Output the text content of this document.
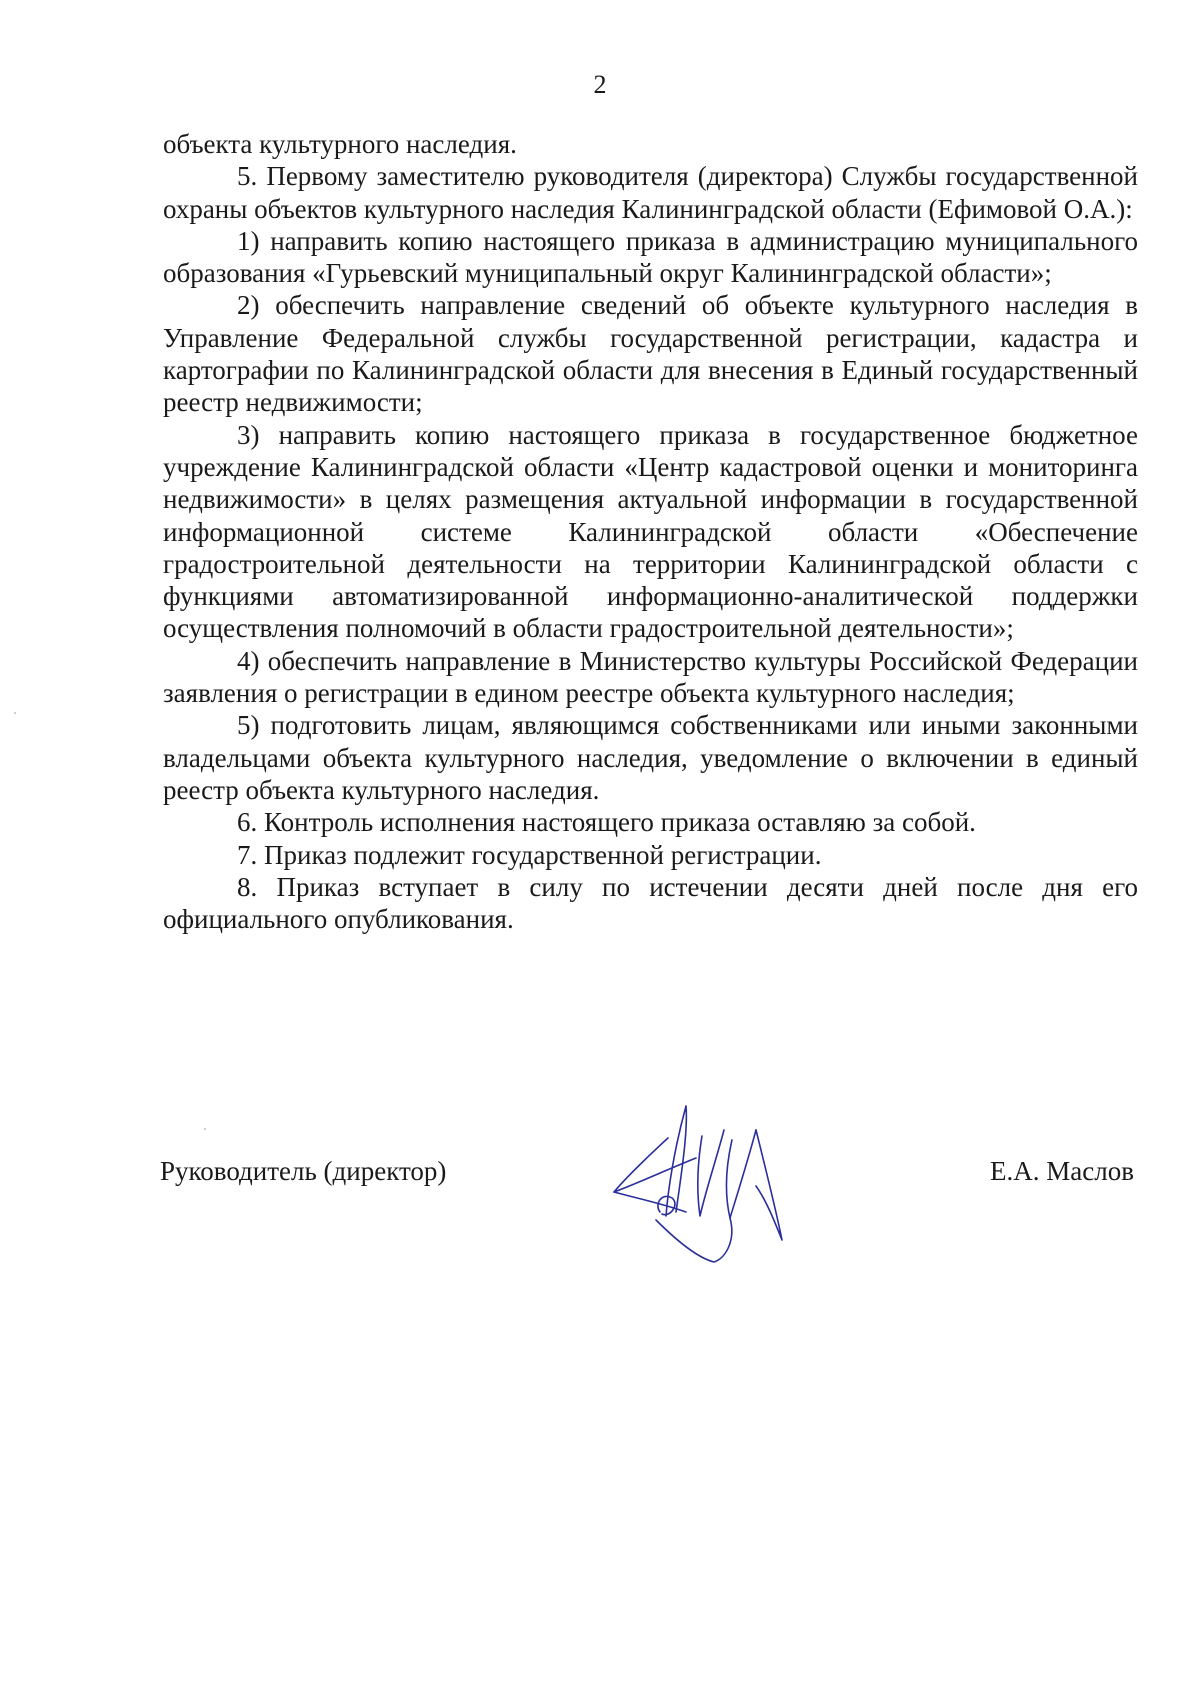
2

объекта культурного наследия.

5. Первому заместителю руководителя (директора) Службы государственной охраны объектов культурного наследия Калининградской области (Ефимовой О.А.):

1) направить копию настоящего приказа в администрацию муниципального образования «Гурьевский муниципальный округ Калининградской области»;

2) обеспечить направление сведений об объекте культурного наследия в Управление Федеральной службы государственной регистрации, кадастра и картографии по Калининградской области для внесения в Единый государственный реестр недвижимости;

3) направить копию настоящего приказа в государственное бюджетное учреждение Калининградской области «Центр кадастровой оценки и мониторинга недвижимости» в целях размещения актуальной информации в государственной информационной системе Калининградской области «Обеспечение градостроительной деятельности на территории Калининградской области с функциями автоматизированной информационно-аналитической поддержки осуществления полномочий в области градостроительной деятельности»;

4) обеспечить направление в Министерство культуры Российской Федерации заявления о регистрации в едином реестре объекта культурного наследия;

5) подготовить лицам, являющимся собственниками или иными законными владельцами объекта культурного наследия, уведомление о включении в единый реестр объекта культурного наследия.

6. Контроль исполнения настоящего приказа оставляю за собой.

7. Приказ подлежит государственной регистрации.

8. Приказ вступает в силу по истечении десяти дней после дня его официального опубликования.

Руководитель (директор)	Е.А. Маслов
